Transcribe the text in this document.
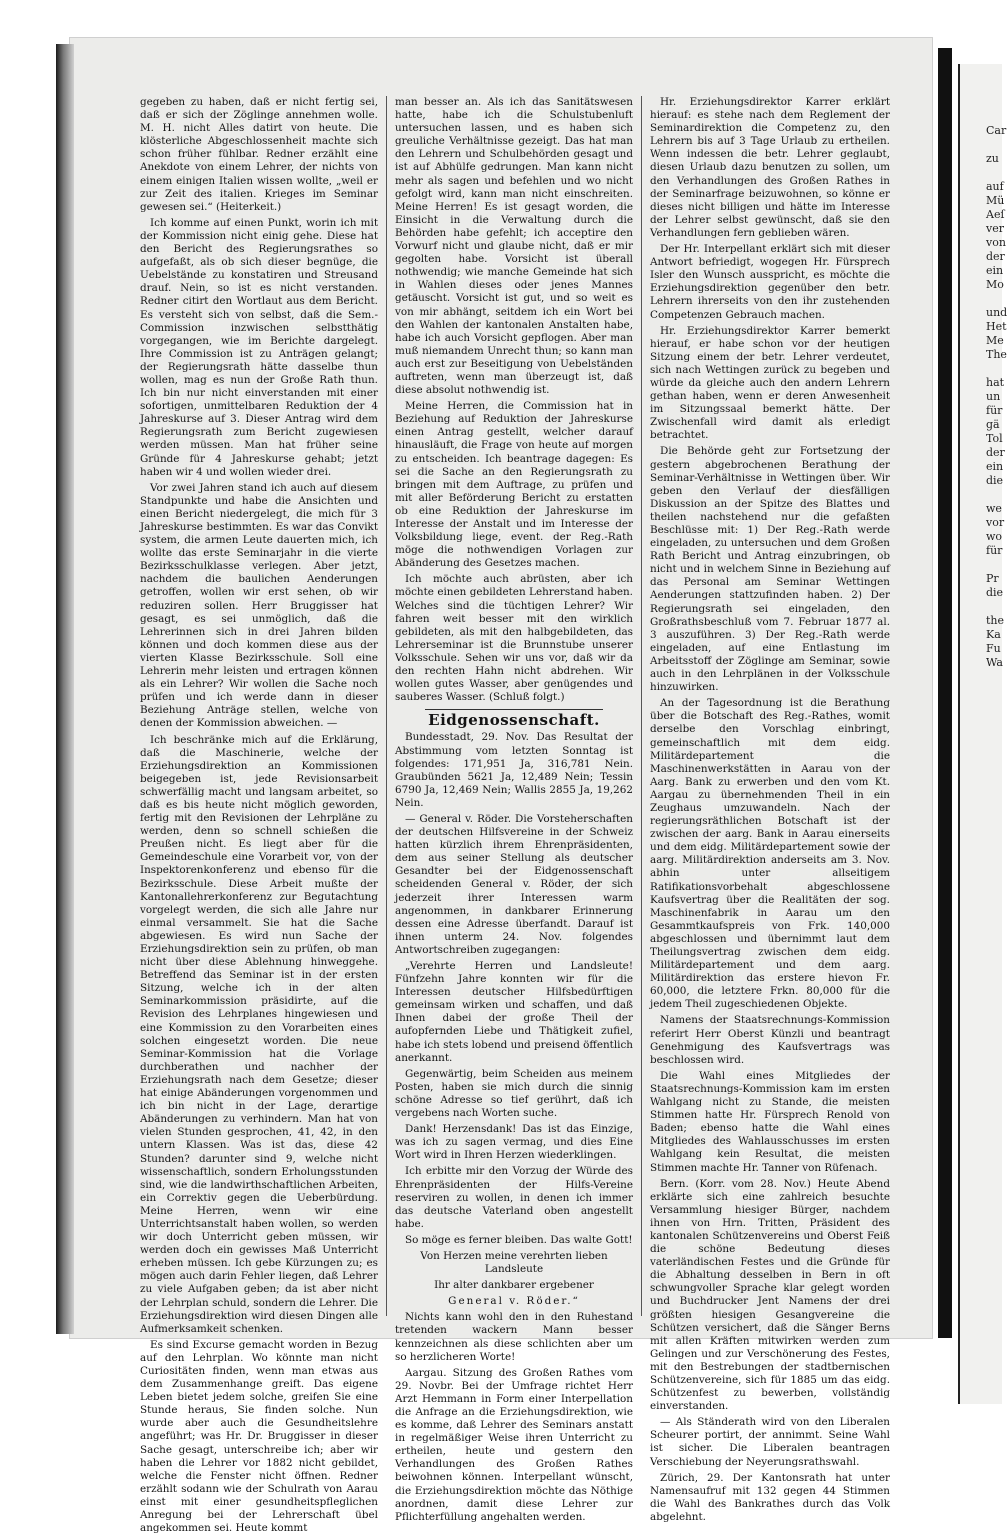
Car

zu

auf
Mü
Aeſ
ver
von
der
ein
Mo

und
Het
Me
The

hat
un
für
gä
Tol
der
ein
die

we
vor
wo
für

Pr
die

the
Ka
Fu
Wa

gegeben zu haben, daß er nicht fertig sei, daß er sich der Zöglinge annehmen wolle. M. H. nicht Alles datirt von heute. Die klösterliche Abgeschlossenheit machte sich schon früher fühlbar. Redner erzählt eine Anekdote von einem Lehrer, der nichts von einem einigen Italien wissen wollte, „weil er zur Zeit des italien. Krieges im Seminar gewesen sei.“ (Heiterkeit.)

Ich komme auf einen Punkt, worin ich mit der Kommission nicht einig gehe. Diese hat den Bericht des Regierungsrathes so aufgefaßt, als ob sich dieser begnüge, die Uebelstände zu konstatiren und Streusand drauf. Nein, so ist es nicht verstanden. Redner citirt den Wortlaut aus dem Bericht. Es versteht sich von selbst, daß die Sem.-Commission inzwischen selbstthätig vorgegangen, wie im Berichte dargelegt. Ihre Commission ist zu Anträgen gelangt; der Regierungsrath hätte dasselbe thun wollen, mag es nun der Große Rath thun. Ich bin nur nicht einverstanden mit einer sofortigen, unmittelbaren Reduktion der 4 Jahreskurse auf 3. Dieser Antrag wird dem Regierungsrath zum Bericht zugewiesen werden müssen. Man hat früher seine Gründe für 4 Jahreskurse gehabt; jetzt haben wir 4 und wollen wieder drei.

Vor zwei Jahren stand ich auch auf diesem Standpunkte und habe die Ansichten und einen Bericht niedergelegt, die mich für 3 Jahreskurse bestimmten. Es war das Convikt system, die armen Leute dauerten mich, ich wollte das erste Seminarjahr in die vierte Bezirksschulklasse verlegen. Aber jetzt, nachdem die baulichen Aenderungen getroffen, wollen wir erst sehen, ob wir reduziren sollen. Herr Bruggisser hat gesagt, es sei unmöglich, daß die Lehrerinnen sich in drei Jahren bilden können und doch kommen diese aus der vierten Klasse Bezirksschule. Soll eine Lehrerin mehr leisten und ertragen können als ein Lehrer? Wir wollen die Sache noch prüfen und ich werde dann in dieser Beziehung Anträge stellen, welche von denen der Kommission abweichen. —

Ich beschränke mich auf die Erklärung, daß die Maschinerie, welche der Erziehungsdirektion an Kommissionen beigegeben ist, jede Revisionsarbeit schwerfällig macht und langsam arbeitet, so daß es bis heute nicht möglich geworden, fertig mit den Revisionen der Lehrpläne zu werden, denn so schnell schießen die Preußen nicht. Es liegt aber für die Gemeindeschule eine Vorarbeit vor, von der Inspektorenkonferenz und ebenso für die Bezirksschule. Diese Arbeit mußte der Kantonallehrerkonferenz zur Begutachtung vorgelegt werden, die sich alle Jahre nur einmal versammelt. Sie hat die Sache abgewiesen. Es wird nun Sache der Erziehungsdirektion sein zu prüfen, ob man nicht über diese Ablehnung hinweggehe. Betreffend das Seminar ist in der ersten Sitzung, welche ich in der alten Seminarkommission präsidirte, auf die Revision des Lehrplanes hingewiesen und eine Kommission zu den Vorarbeiten eines solchen eingesetzt worden. Die neue Seminar-Kommission hat die Vorlage durchberathen und nachher der Erziehungsrath nach dem Gesetze; dieser hat einige Abänderungen vorgenommen und ich bin nicht in der Lage, derartige Abänderungen zu verhindern. Man hat von vielen Stunden gesprochen, 41, 42, in den untern Klassen. Was ist das, diese 42 Stunden? darunter sind 9, welche nicht wissenschaftlich, sondern Erholungsstunden sind, wie die landwirthschaftlichen Arbeiten, ein Correktiv gegen die Ueberbürdung. Meine Herren, wenn wir eine Unterrichtsanstalt haben wollen, so werden wir doch Unterricht geben müssen, wir werden doch ein gewisses Maß Unterricht erheben müssen. Ich gebe Kürzungen zu; es mögen auch darin Fehler liegen, daß Lehrer zu viele Aufgaben geben; da ist aber nicht der Lehrplan schuld, sondern die Lehrer. Die Erziehungsdirektion wird diesen Dingen alle Aufmerksamkeit schenken.

Es sind Excurse gemacht worden in Bezug auf den Lehrplan. Wo könnte man nicht Curiositäten finden, wenn man etwas aus dem Zusammenhange greift. Das eigene Leben bietet jedem solche, greifen Sie eine Stunde heraus, Sie finden solche. Nun wurde aber auch die Gesundheitslehre angeführt; was Hr. Dr. Bruggisser in dieser Sache gesagt, unterschreibe ich; aber wir haben die Lehrer vor 1882 nicht gebildet, welche die Fenster nicht öffnen. Redner erzählt sodann wie der Schulrath von Aarau einst mit einer gesundheitspfleglichen Anregung bei der Lehrerschaft übel angekommen sei. Heute kommt

man besser an. Als ich das Sanitätswesen hatte, habe ich die Schulstubenluft untersuchen lassen, und es haben sich greuliche Verhältnisse gezeigt. Das hat man den Lehrern und Schulbehörden gesagt und ist auf Abhülfe gedrungen. Man kann nicht mehr als sagen und befehlen und wo nicht gefolgt wird, kann man nicht einschreiten. Meine Herren! Es ist gesagt worden, die Einsicht in die Verwaltung durch die Behörden habe gefehlt; ich acceptire den Vorwurf nicht und glaube nicht, daß er mir gegolten habe. Vorsicht ist überall nothwendig; wie manche Gemeinde hat sich in Wahlen dieses oder jenes Mannes getäuscht. Vorsicht ist gut, und so weit es von mir abhängt, seitdem ich ein Wort bei den Wahlen der kantonalen Anstalten habe, habe ich auch Vorsicht gepflogen. Aber man muß niemandem Unrecht thun; so kann man auch erst zur Beseitigung von Uebelständen auftreten, wenn man überzeugt ist, daß diese absolut nothwendig ist.

Meine Herren, die Commission hat in Beziehung auf Reduktion der Jahreskurse einen Antrag gestellt, welcher darauf hinausläuft, die Frage von heute auf morgen zu entscheiden. Ich beantrage dagegen: Es sei die Sache an den Regierungsrath zu bringen mit dem Auftrage, zu prüfen und mit aller Beförderung Bericht zu erstatten ob eine Reduktion der Jahreskurse im Interesse der Anstalt und im Interesse der Volksbildung liege, event. der Reg.-Rath möge die nothwendigen Vorlagen zur Abänderung des Gesetzes machen.

Ich möchte auch abrüsten, aber ich möchte einen gebildeten Lehrerstand haben. Welches sind die tüchtigen Lehrer? Wir fahren weit besser mit den wirklich gebildeten, als mit den halbgebildeten, das Lehrerseminar ist die Brunnstube unserer Volksschule. Sehen wir uns vor, daß wir da den rechten Hahn nicht abdrehen. Wir wollen gutes Wasser, aber genügendes und sauberes Wasser. (Schluß folgt.)

Eidgenossenschaft.

Bundesstadt, 29. Nov. Das Resultat der Abstimmung vom letzten Sonntag ist folgendes: 171,951 Ja, 316,781 Nein. Graubünden 5621 Ja, 12,489 Nein; Tessin 6790 Ja, 12,469 Nein; Wallis 2855 Ja, 19,262 Nein.

— General v. Röder. Die Vorsteherschaften der deutschen Hilfsvereine in der Schweiz hatten kürzlich ihrem Ehrenpräsidenten, dem aus seiner Stellung als deutscher Gesandter bei der Eidgenossenschaft scheidenden General v. Röder, der sich jederzeit ihrer Interessen warm angenommen, in dankbarer Erinnerung dessen eine Adresse überfandt. Darauf ist ihnen unterm 24. Nov. folgendes Antwortschreiben zugegangen:

„Verehrte Herren und Landsleute! Fünfzehn Jahre konnten wir für die Interessen deutscher Hilfsbedürftigen gemeinsam wirken und schaffen, und daß Ihnen dabei der große Theil der aufopfernden Liebe und Thätigkeit zufiel, habe ich stets lobend und preisend öffentlich anerkannt.

Gegenwärtig, beim Scheiden aus meinem Posten, haben sie mich durch die sinnig schöne Adresse so tief gerührt, daß ich vergebens nach Worten suche.

Dank! Herzensdank! Das ist das Einzige, was ich zu sagen vermag, und dies Eine Wort wird in Ihren Herzen wiederklingen.

Ich erbitte mir den Vorzug der Würde des Ehrenpräsidenten der Hilfs-Vereine reserviren zu wollen, in denen ich immer das deutsche Vaterland oben angestellt habe.

So möge es ferner bleiben. Das walte Gott!

Von Herzen meine verehrten lieben Landsleute

Ihr alter dankbarer ergebener

General v. Röder.“

Nichts kann wohl den in den Ruhestand tretenden wackern Mann besser kennzeichnen als diese schlichten aber um so herzlicheren Worte!

Aargau. Sitzung des Großen Rathes vom 29. Novbr. Bei der Umfrage richtet Herr Arzt Hemmann in Form einer Interpellation die Anfrage an die Erziehungsdirektion, wie es komme, daß Lehrer des Seminars anstatt in regelmäßiger Weise ihren Unterricht zu ertheilen, heute und gestern den Verhandlungen des Großen Rathes beiwohnen können. Interpellant wünscht, die Erziehungsdirektion möchte das Nöthige anordnen, damit diese Lehrer zur Pflichterfüllung angehalten werden.

Hr. Erziehungsdirektor Karrer erklärt hierauf: es stehe nach dem Reglement der Seminardirektion die Competenz zu, den Lehrern bis auf 3 Tage Urlaub zu ertheilen. Wenn indessen die betr. Lehrer geglaubt, diesen Urlaub dazu benutzen zu sollen, um den Verhandlungen des Großen Rathes in der Seminarfrage beizuwohnen, so könne er dieses nicht billigen und hätte im Interesse der Lehrer selbst gewünscht, daß sie den Verhandlungen fern geblieben wären.

Der Hr. Interpellant erklärt sich mit dieser Antwort befriedigt, wogegen Hr. Fürsprech Isler den Wunsch ausspricht, es möchte die Erziehungsdirektion gegenüber den betr. Lehrern ihrerseits von den ihr zustehenden Competenzen Gebrauch machen.

Hr. Erziehungsdirektor Karrer bemerkt hierauf, er habe schon vor der heutigen Sitzung einem der betr. Lehrer verdeutet, sich nach Wettingen zurück zu begeben und würde da gleiche auch den andern Lehrern gethan haben, wenn er deren Anwesenheit im Sitzungssaal bemerkt hätte. Der Zwischenfall wird damit als erledigt betrachtet.

Die Behörde geht zur Fortsetzung der gestern abgebrochenen Berathung der Seminar-Verhältnisse in Wettingen über. Wir geben den Verlauf der diesfälligen Diskussion an der Spitze des Blattes und theilen nachstehend nur die gefaßten Beschlüsse mit: 1) Der Reg.-Rath werde eingeladen, zu untersuchen und dem Großen Rath Bericht und Antrag einzubringen, ob nicht und in welchem Sinne in Beziehung auf das Personal am Seminar Wettingen Aenderungen stattzufinden haben. 2) Der Regierungsrath sei eingeladen, den Großrathsbeschluß vom 7. Februar 1877 al. 3 auszuführen. 3) Der Reg.-Rath werde eingeladen, auf eine Entlastung im Arbeitsstoff der Zöglinge am Seminar, sowie auch in den Lehrplänen in der Volksschule hinzuwirken.

An der Tagesordnung ist die Berathung über die Botschaft des Reg.-Rathes, womit derselbe den Vorschlag einbringt, gemeinschaftlich mit dem eidg. Militärdepartement die Maschinenwerkstätten in Aarau von der Aarg. Bank zu erwerben und den vom Kt. Aargau zu übernehmenden Theil in ein Zeughaus umzuwandeln. Nach der regierungsräthlichen Botschaft ist der zwischen der aarg. Bank in Aarau einerseits und dem eidg. Militärdepartement sowie der aarg. Militärdirektion anderseits am 3. Nov. abhin unter allseitigem Ratifikationsvorbehalt abgeschlossene Kaufsvertrag über die Realitäten der sog. Maschinenfabrik in Aarau um den Gesammtkaufspreis von Frk. 140,000 abgeschlossen und übernimmt laut dem Theilungsvertrag zwischen dem eidg. Militärdepartement und dem aarg. Militärdirektion das erstere hievon Fr. 60,000, die letztere Frkn. 80,000 für die jedem Theil zugeschiedenen Objekte.

Namens der Staatsrechnungs-Kommission referirt Herr Oberst Künzli und beantragt Genehmigung des Kaufsvertrags was beschlossen wird.

Die Wahl eines Mitgliedes der Staatsrechnungs-Kommission kam im ersten Wahlgang nicht zu Stande, die meisten Stimmen hatte Hr. Fürsprech Renold von Baden; ebenso hatte die Wahl eines Mitgliedes des Wahlausschusses im ersten Wahlgang kein Resultat, die meisten Stimmen machte Hr. Tanner von Rüfenach.

Bern. (Korr. vom 28. Nov.) Heute Abend erklärte sich eine zahlreich besuchte Versammlung hiesiger Bürger, nachdem ihnen von Hrn. Tritten, Präsident des kantonalen Schützenvereins und Oberst Feiß die schöne Bedeutung dieses vaterländischen Festes und die Gründe für die Abhaltung desselben in Bern in oft schwungvoller Sprache klar gelegt worden und Buchdrucker Jent Namens der drei größten hiesigen Gesangvereine die Schützen versichert, daß die Sänger Berns mit allen Kräften mitwirken werden zum Gelingen und zur Verschönerung des Festes, mit den Bestrebungen der stadtbernischen Schützenvereine, sich für 1885 um das eidg. Schützenfest zu bewerben, vollständig einverstanden.

— Als Ständerath wird von den Liberalen Scheurer portirt, der annimmt. Seine Wahl ist sicher. Die Liberalen beantragen Verschiebung der Neyerungsrathswahl.

Zürich, 29. Der Kantonsrath hat unter Namensaufruf mit 132 gegen 44 Stimmen die Wahl des Bankrathes durch das Volk abgelehnt.
